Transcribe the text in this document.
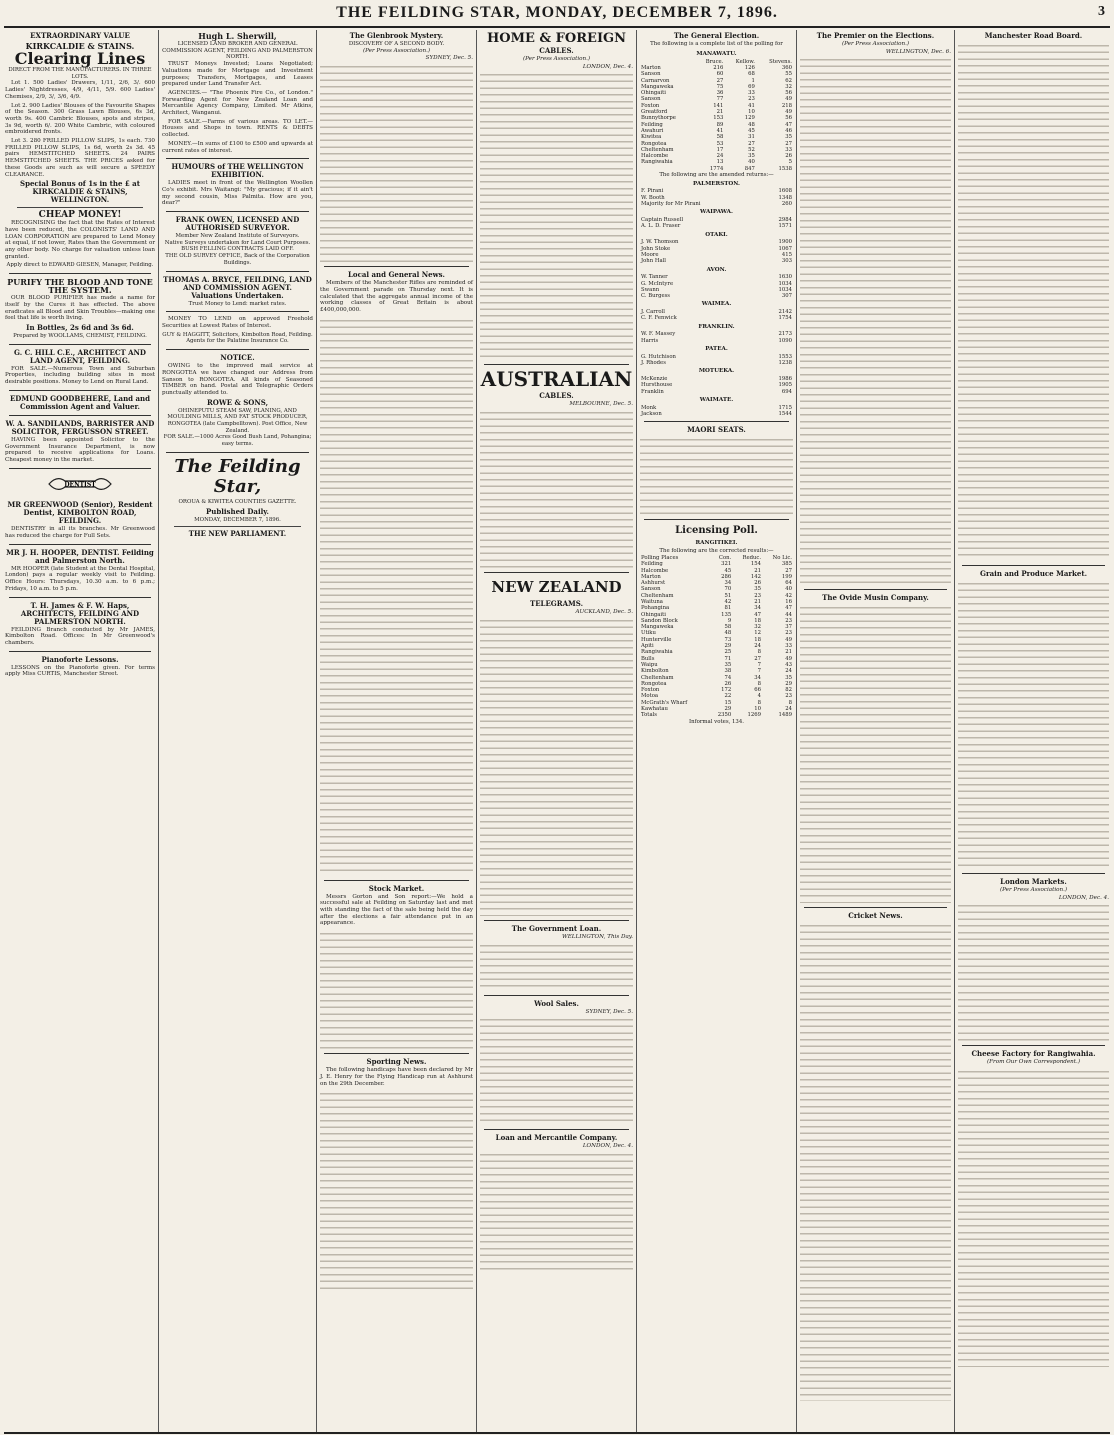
THE FEILDING STAR, MONDAY, DECEMBER 7, 1896.	3
EXTRAORDINARY VALUE
KIRKCALDIE & STAINS.
Clearing Lines
DIRECT FROM THE MANUFACTURERS. IN THREE LOTS.

Lot 1. 500 Ladies' Drawers, 1/11, 2/6, 3/. 600 Ladies' Nightdresses, 4/9, 4/11, 5/9. 600 Ladies' Chemises, 2/9, 3/, 3/6, 4/9.

Lot 2. 900 Ladies' Blouses of the Favourite Shapes of the Season. 300 Grass Lawn Blouses, 6s 3d, worth 9s. 400 Cambric Blouses, spots and stripes, 3s 9d, worth 6/. 200 White Cambric, with coloured embroidered fronts.

Lot 3. 280 FRILLED PILLOW SLIPS, 1s each. 730 FRILLED PILLOW SLIPS, 1s 6d, worth 2s 3d. 45 pairs HEMSTITCHED SHEETS. 24 PAIRS HEMSTITCHED SHEETS. THE PRICES asked for these Goods are such as will secure a SPEEDY CLEARANCE.

Special Bonus of 1s in the £ at KIRKCALDIE & STAINS, WELLINGTON.
CHEAP MONEY!

RECOGNISING the fact that the Rates of Interest have been reduced, the COLONISTS' LAND AND LOAN CORPORATION are prepared to Lend Money at equal, if not lower, Rates than the Government or any other body. No charge for valuation unless loan granted.

Apply direct to EDWARD GIESEN, Manager, Feilding.
PURIFY THE BLOOD AND TONE THE SYSTEM.

OUR BLOOD PURIFIER has made a name for itself by the Cures it has effected. The above eradicates all Blood and Skin Troubles—making one feel that life is worth living.

In Bottles, 2s 6d and 3s 6d.
Prepared by WOOLLAMS, CHEMIST, FEILDING.
G. C. HILL C.E., ARCHITECT AND LAND AGENT, FEILDING.

FOR SALE.—Numerous Town and Suburban Properties, including building sites in most desirable positions. Money to Lend on Rural Land.

EDMUND GOODBEHERE, Land and Commission Agent and Valuer.
W. A. SANDILANDS, BARRISTER AND SOLICITOR, FERGUSSON STREET.

HAVING been appointed Solicitor to the Government Insurance Department, is now prepared to receive applications for Loans. Cheapest money in the market.

DENTIST
MR GREENWOOD (Senior), Resident Dentist, KIMBOLTON ROAD, FEILDING.

DENTISTRY in all its branches. Mr Greenwood has reduced the charge for Full Sets.

MR J. H. HOOPER, DENTIST. Feilding and Palmerston North.

MR HOOPER (late Student at the Dental Hospital, London) pays a regular weekly visit to Feilding. Office Hours: Thursdays, 10.30 a.m. to 6 p.m.; Fridays, 10 a.m. to 5 p.m.

T. H. James & F. W. Haps, ARCHITECTS, FEILDING AND PALMERSTON NORTH.

FEILDING Branch conducted by Mr JAMES, Kimbolton Road. Offices: In Mr Greenwood's chambers.

Pianoforte Lessons.

LESSONS on the Pianoforte given. For terms apply Miss CURTIS, Manchester Street.

Hugh L. Sherwill,
LICENSED LAND BROKER AND GENERAL COMMISSION AGENT, FEILDING AND PALMERSTON NORTH.

TRUST Moneys Invested; Loans Negotiated; Valuations made for Mortgage and Investment purposes; Transfers, Mortgages, and Leases prepared under Land Transfer Act.

AGENCIES.— "The Phoenix Fire Co., of London." Forwarding Agent for New Zealand Loan and Mercantile Agency Company, Limited. Mr Atkins, Architect, Wanganui.

FOR SALE.—Farms of various areas. TO LET.—Houses and Shops in town. RENTS & DEBTS collected.

MONEY.—In sums of £100 to £500 and upwards at current rates of interest.

HUMOURS of THE WELLINGTON EXHIBITION.

LADIES meet in front of the Wellington Woollen Co's exhibit. Mrs Waitangi: "My gracious; if it ain't my second cousin, Miss Palmita. How are you, dear?"

FRANK OWEN, LICENSED AND AUTHORISED SURVEYOR.
Member New Zealand Institute of Surveyors.
Native Surveys undertaken for Land Court Purposes.
BUSH FELLING CONTRACTS LAID OFF.
THE OLD SURVEY OFFICE, Back of the Corporation Buildings.
THOMAS A. BRYCE, FEILDING, LAND AND COMMISSION AGENT. Valuations Undertaken.
Trust Money to Lend: market rates.

MONEY TO LEND on approved Freehold Securities at Lowest Rates of Interest.

GUY & HAGGITT, Solicitors, Kimbolton Road, Feilding.
Agents for the Palatine Insurance Co.
NOTICE.

OWING to the improved mail service at RONGOTEA we have changed our Address from Sanson to RONGOTEA. All kinds of Seasoned TIMBER on hand. Postal and Telegraphic Orders punctually attended to.

ROWE & SONS,
OHINEPUTU STEAM SAW, PLANING, AND MOULDING MILLS, AND FAT STOCK PRODUCER, RONGOTEA (late Campbelltown). Post Office, New Zealand.
FOR SALE.—1000 Acres Good Bush Land, Pohangina; easy terms.
The Feilding Star,
OROUA & KIWITEA COUNTIES GAZETTE.
Published Daily.
MONDAY, DECEMBER 7, 1896.
THE NEW PARLIAMENT.
The Glenbrook Mystery.
DISCOVERY OF A SECOND BODY.
(Per Press Association.)
SYDNEY, Dec. 5.
Local and General News.

Members of the Manchester Rifles are reminded of the Government parade on Thursday next. It is calculated that the aggregate annual income of the working classes of Great Britain is about £400,000,000.

Stock Market.

Messrs Gorton and Son report:—We hold a successful sale at Feilding on Saturday last and met with standing the fact of the sale being held the day after the elections a fair attendance put in an appearance.

Sporting News.

The following handicaps have been declared by Mr J. E. Henry for the Flying Handicap run at Ashhurst on the 29th December.

HOME & FOREIGN
CABLES.
(Per Press Association.)
LONDON, Dec. 4.
AUSTRALIAN
CABLES.
MELBOURNE, Dec. 5.
NEW ZEALAND
TELEGRAMS.
AUCKLAND, Dec. 5.
The Government Loan.
WELLINGTON, This Day.
Wool Sales.
SYDNEY, Dec. 5.
Loan and Mercantile Company.
LONDON, Dec. 4.
The General Election.
The following is a complete list of the polling for
MANAWATU.
	Bruce.	Kellow.	Stevens.
Marton	216	126	360
Sanson	60	68	55
Carnarvon	27	1	62
Mangaweka	75	69	32
Ohingaiti	36	33	56
Sanson	77	23	49
Foxton	141	41	218
Greatford	21	10	49
Bunnythorpe	153	129	56
Feilding	89	48	47
Awahuri	41	45	46
Kiwitea	58	31	35
Rongotea	53	27	27
Cheltenham	17	52	33
Halcombe	24	35	26
Rangiwahia	13	40	5
	1774	847	1538
The following are the amended returns:—
PALMERSTON.
F. Pirani	1608
W. Booth	1348
Majority for Mr Pirani	260
WAIPAWA.
Captain Russell	2984
A. L. D. Fraser	1571
OTAKI.
J. W. Thomson	1900
John Stoke	1067
Moore	415
John Hall	303
AVON.
W. Tanner	1630
G. McIntyre	1034
Swann	1034
C. Burgess	307
WAIMEA.
J. Carroll	2142
C. F. Fenwick	1754
FRANKLIN.
W. F. Massey	2173
Harris	1090
PATEA.
G. Hutchison	1553
J. Rhodes	1238
MOTUEKA.
McKenzie	1986
Hursthouse	1905
Franklin	694
WAIMATE.
Monk	1715
Jackson	1544
MAORI SEATS.
Licensing Poll.
RANGITIKEI.
The following are the corrected results:—
Polling Places	Con.	Reduc.	No Lic.
Feilding	321	154	385
Halcombe	45	21	27
Marton	286	142	199
Ashhurst	34	26	64
Sanson	70	35	40
Cheltenham	51	23	42
Waituna	42	21	16
Pohangina	81	34	47
Ohingaiti	135	47	44
Sandon Block	9	18	23
Mangaweka	58	32	37
Utiku	48	12	23
Hunterville	73	18	49
Apiti	29	24	33
Rangiwahia	25	8	21
Bulls	71	27	49
Waipu	35	7	43
Kimbolton	38	7	24
Cheltenham	74	34	35
Rongotea	26	8	29
Foxton	172	66	82
Motoa	22	4	23
McGrath's Wharf	15	8	8
Kawhatau	29	10	24
Totals	2350	1269	1489
Informal votes, 134.
The Premier on the Elections.
(Per Press Association.)
WELLINGTON, Dec. 6.
The Ovide Musin Company.
Cricket News.
Manchester Road Board.
Grain and Produce Market.
London Markets.
(Per Press Association.)
LONDON, Dec. 4.
Cheese Factory for Rangiwahia.
(From Our Own Correspondent.)
